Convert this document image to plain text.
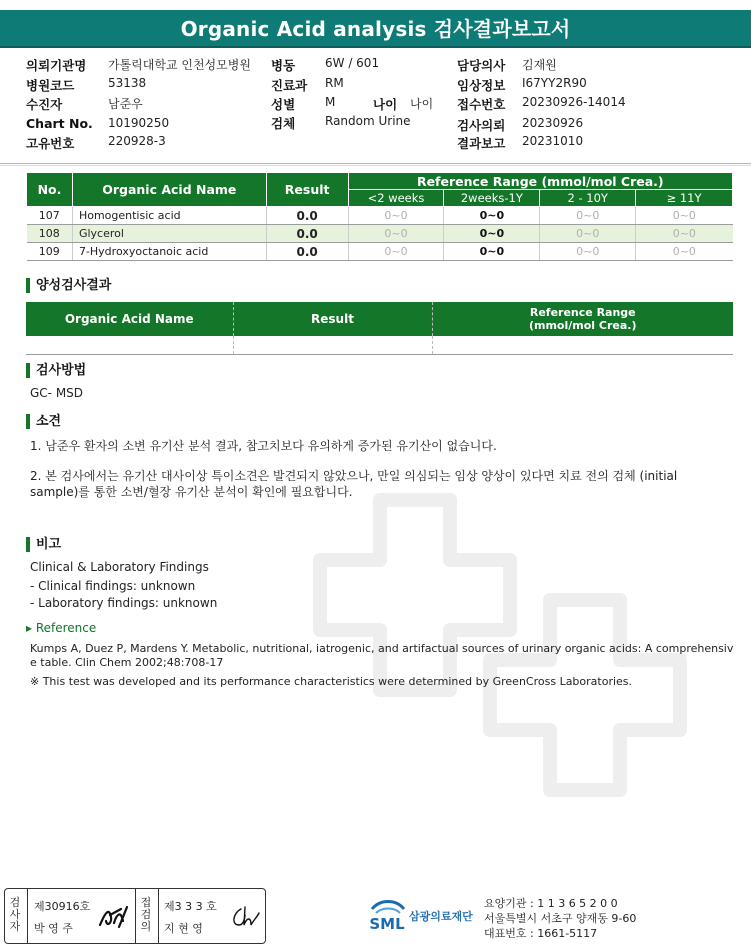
Organic Acid analysis 검사결과보고서
의뢰기관명 가톨릭대학교 인천성모병원
병원코드	53138
수진자	남준우
Chart No. 10190250
고유번호	220928-3
병동 6W / 601
진료과 RM
성별 M	나이 나이
검체 Random Urine
담당의사 김재원
임상정보 I67YY2R90
접수번호 20230926-14014
검사의뢰 20230926
결과보고 20231010
No.	Organic Acid Name	Result	Reference Range (mmol/mol Crea.)			
			<2 weeks	2weeks-1Y	2 - 10Y	≥ 11Y
107	Homogentisic acid	0.0	0~0	0~0	0~0	0~0
108	Glycerol	0.0	0~0	0~0	0~0	0~0
109	7-Hydroxyoctanoic acid	0.0	0~0	0~0	0~0	0~0
양성검사결과
Organic Acid Name	Result	Reference Range
(mmol/mol Crea.)

검사방법
GC- MSD
소견
1. 남준우 환자의 소변 유기산 분석 결과, 참고치보다 유의하게 증가된 유기산이 없습니다.
2. 본 검사에서는 유기산 대사이상 특이소견은 발견되지 않았으나, 만일 의심되는 임상 양상이 있다면 치료 전의 검체 (initial
sample)를 통한 소변/혈장 유기산 분석이 확인에 필요합니다.
비고
Clinical & Laboratory Findings
- Clinical findings: unknown
- Laboratory findings: unknown
▸ Reference
Kumps A, Duez P, Mardens Y. Metabolic, nutritional, iatrogenic, and artifactual sources of urinary organic acids: A comprehensiv
e table. Clin Chem 2002;48:708-17
※ This test was developed and its performance characteristics were determined by GreenCross Laboratories.
검
사
자
제30916호
박 영 주
접
검
의
제3 3 3 호
지 현 영	SML 삼광의료재단
요양기관 : 1 1 3 6 5 2 0 0
서울특별시 서초구 양재동 9-60
대표번호 : 1661-5117
